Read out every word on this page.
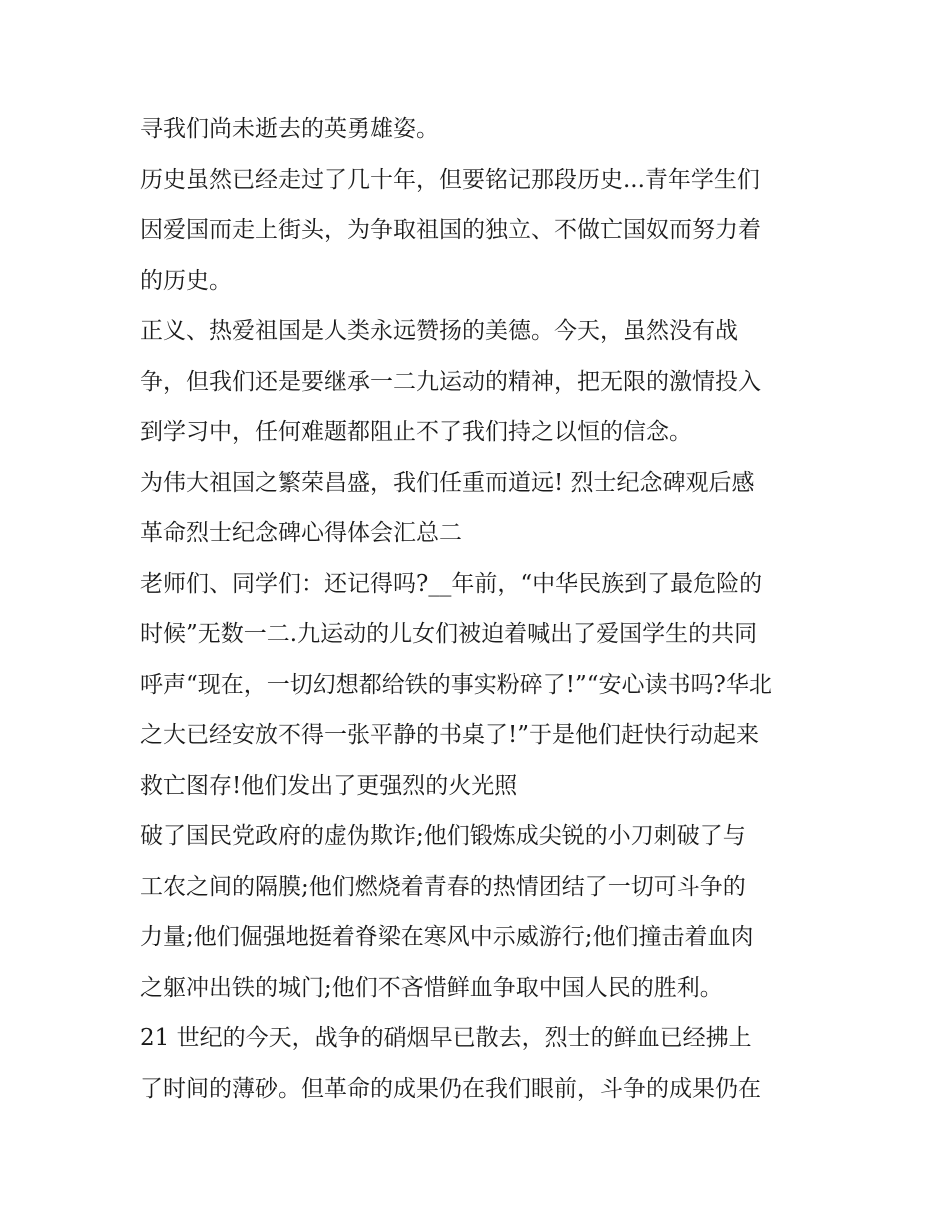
寻我们尚未逝去的英勇雄姿。
历史虽然已经走过了几十年，但要铭记那段历史...青年学生们
因爱国而走上街头，为争取祖国的独立、不做亡国奴而努力着
的历史。
正义、热爱祖国是人类永远赞扬的美德。今天，虽然没有战
争，但我们还是要继承一二九运动的精神，把无限的激情投入
到学习中，任何难题都阻止不了我们持之以恒的信念。
为伟大祖国之繁荣昌盛，我们任重而道远! 烈士纪念碑观后感
革命烈士纪念碑心得体会汇总二
老师们、同学们：还记得吗?__年前，“中华民族到了最危险的
时候”无数一二.九运动的儿女们被迫着喊出了爱国学生的共同
呼声“现在，一切幻想都给铁的事实粉碎了!”“安心读书吗?华北
之大已经安放不得一张平静的书桌了!”于是他们赶快行动起来
救亡图存!他们发出了更强烈的火光照
破了国民党政府的虚伪欺诈;他们锻炼成尖锐的小刀刺破了与
工农之间的隔膜;他们燃烧着青春的热情团结了一切可斗争的
力量;他们倔强地挺着脊梁在寒风中示威游行;他们撞击着血肉
之躯冲出铁的城门;他们不吝惜鲜血争取中国人民的胜利。
21 世纪的今天，战争的硝烟早已散去，烈士的鲜血已经拂上
了时间的薄砂。但革命的成果仍在我们眼前，斗争的成果仍在
